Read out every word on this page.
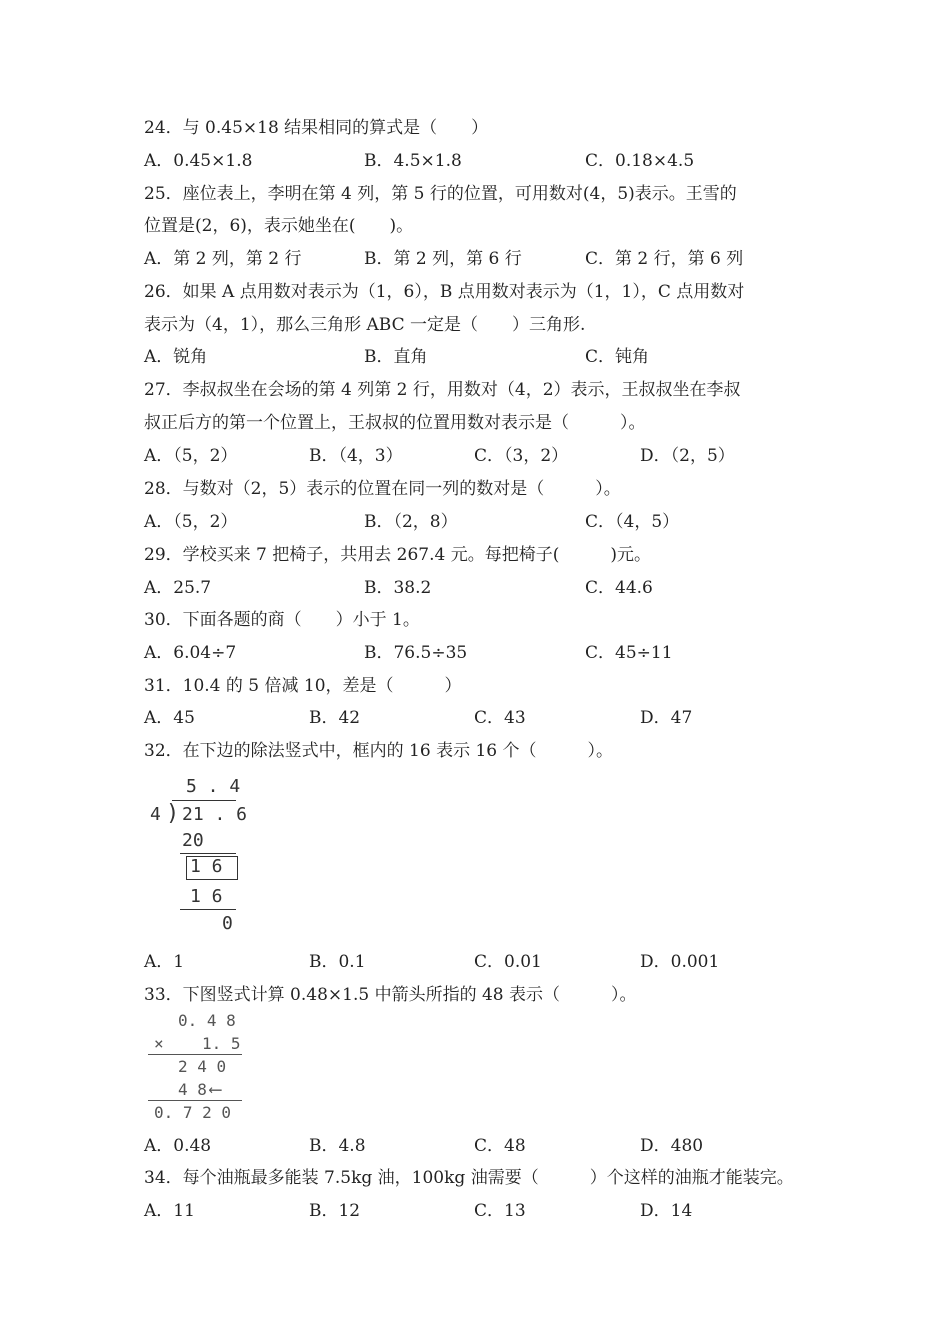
24．与 0.45×18 结果相同的算式是（　　）
A．0.45×1.8	B．4.5×1.8	C．0.18×4.5
25．座位表上，李明在第 4 列，第 5 行的位置，可用数对(4，5)表示。王雪的
位置是(2，6)，表示她坐在(　　)。
A．第 2 列，第 2 行	B．第 2 列，第 6 行	C．第 2 行，第 6 列
26．如果 A 点用数对表示为（1，6），B 点用数对表示为（1，1），C 点用数对
表示为（4，1），那么三角形 ABC 一定是（　　）三角形.
A．锐角	B．直角	C．钝角
27．李叔叔坐在会场的第 4 列第 2 行，用数对（4，2）表示，王叔叔坐在李叔
叔正后方的第一个位置上，王叔叔的位置用数对表示是（　　　）。
A．（5，2）	B．（4，3）	C．（3，2）	D．（2，5）
28．与数对（2，5）表示的位置在同一列的数对是（　　　）。
A．（5，2）	B．（2，8）	C．（4，5）
29．学校买来 7 把椅子，共用去 267.4 元。每把椅子(　　　)元。
A．25.7	B．38.2	C．44.6
30．下面各题的商（　　）小于 1。
A．6.04÷7	B．76.5÷35	C．45÷11
31．10.4 的 5 倍减 10，差是（　　　）
A．45	B．42	C．43	D．47
32．在下边的除法竖式中，框内的 16 表示 16 个（　　　）。
5 . 4
4 ) 21 . 6
20
1 6
1 6
0
A．1	B．0.1	C．0.01	D．0.001
33．下图竖式计算 0.48×1.5 中箭头所指的 48 表示（　　　）。
0. 4 8
× 1. 5
2 4 0
4 8 ⟵
0. 7 2 0
A．0.48	B．4.8	C．48	D．480
34．每个油瓶最多能装 7.5kg 油，100kg 油需要（　　　）个这样的油瓶才能装完。
A．11	B．12	C．13	D．14
